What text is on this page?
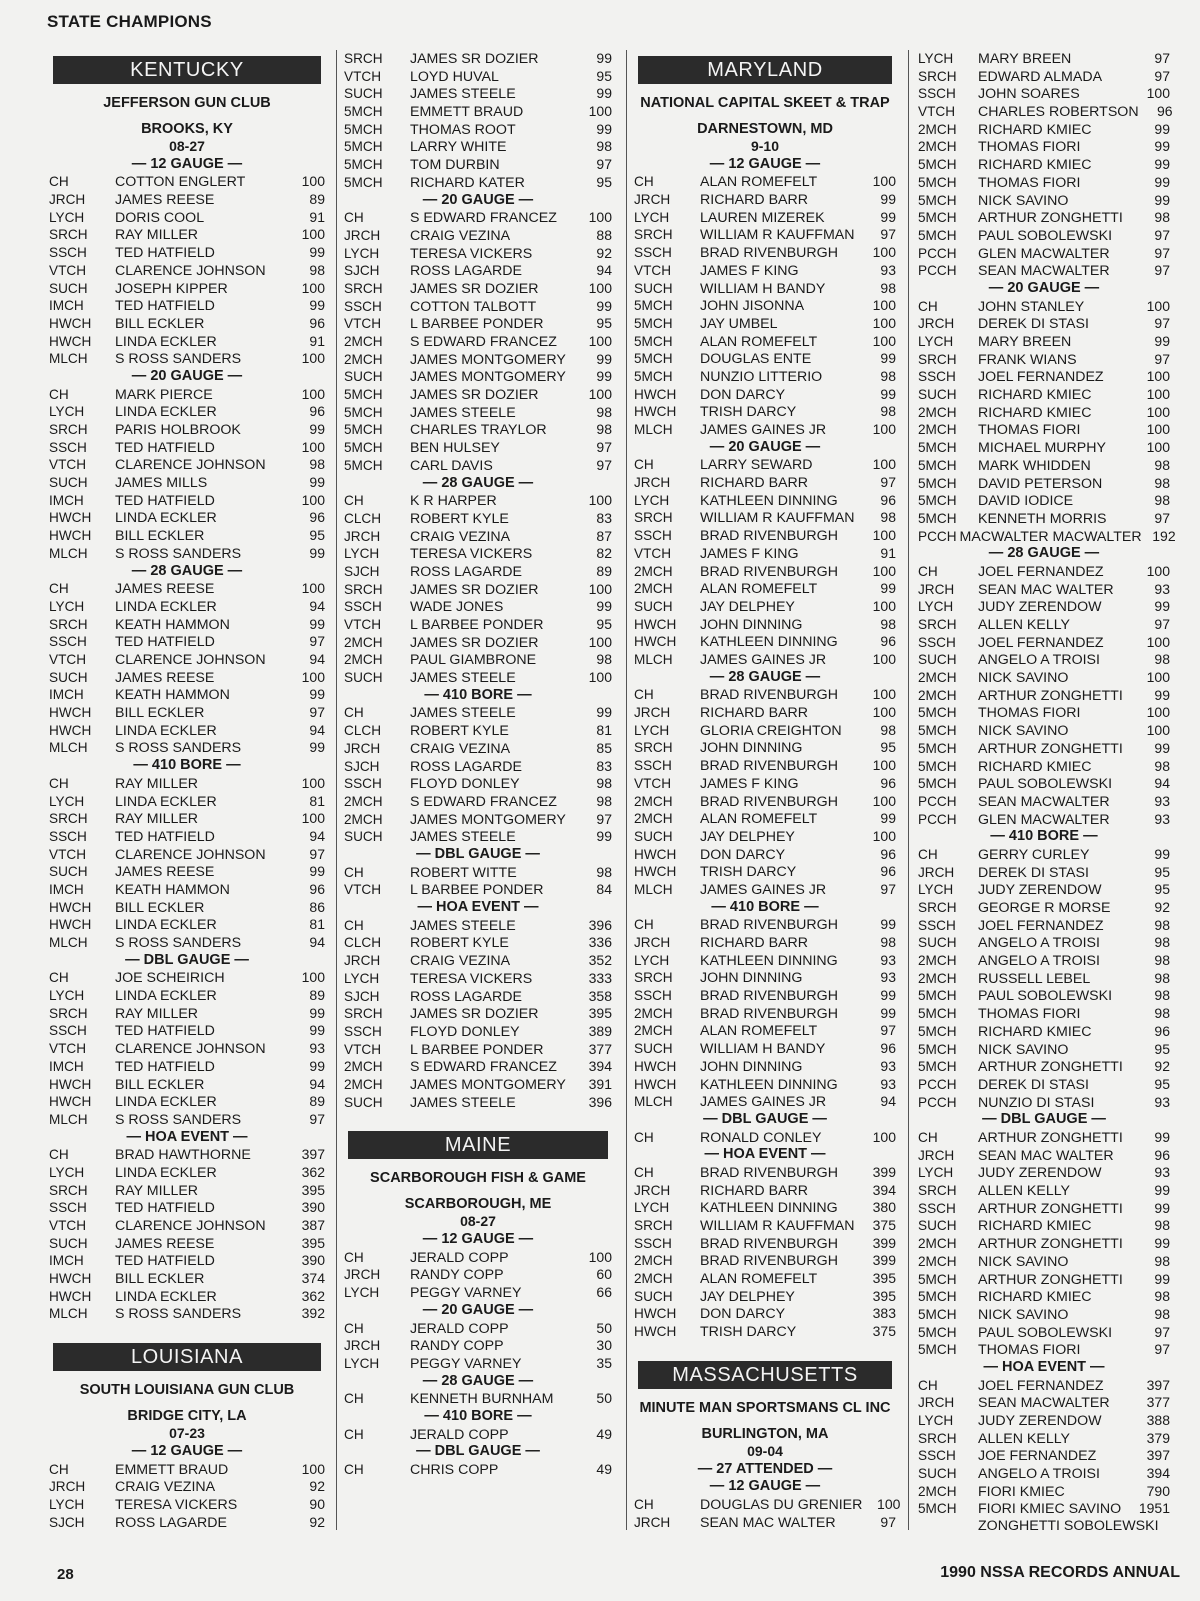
STATE CHAMPIONS
KENTUCKY
JEFFERSON GUN CLUB
BROOKS, KY
08-27
— 12 GAUGE —
CH	COTTON ENGLERT	100
JRCH	JAMES REESE	89
LYCH	DORIS COOL	91
SRCH	RAY MILLER	100
SSCH	TED HATFIELD	99
VTCH	CLARENCE JOHNSON	98
SUCH	JOSEPH KIPPER	100
IMCH	TED HATFIELD	99
HWCH	BILL ECKLER	96
HWCH	LINDA ECKLER	91
MLCH	S ROSS SANDERS	100
— 20 GAUGE —
CH	MARK PIERCE	100
LYCH	LINDA ECKLER	96
SRCH	PARIS HOLBROOK	99
SSCH	TED HATFIELD	100
VTCH	CLARENCE JOHNSON	98
SUCH	JAMES MILLS	99
IMCH	TED HATFIELD	100
HWCH	LINDA ECKLER	96
HWCH	BILL ECKLER	95
MLCH	S ROSS SANDERS	99
— 28 GAUGE —
CH	JAMES REESE	100
LYCH	LINDA ECKLER	94
SRCH	KEATH HAMMON	99
SSCH	TED HATFIELD	97
VTCH	CLARENCE JOHNSON	94
SUCH	JAMES REESE	100
IMCH	KEATH HAMMON	99
HWCH	BILL ECKLER	97
HWCH	LINDA ECKLER	94
MLCH	S ROSS SANDERS	99
— 410 BORE —
CH	RAY MILLER	100
LYCH	LINDA ECKLER	81
SRCH	RAY MILLER	100
SSCH	TED HATFIELD	94
VTCH	CLARENCE JOHNSON	97
SUCH	JAMES REESE	99
IMCH	KEATH HAMMON	96
HWCH	BILL ECKLER	86
HWCH	LINDA ECKLER	81
MLCH	S ROSS SANDERS	94
— DBL GAUGE —
CH	JOE SCHEIRICH	100
LYCH	LINDA ECKLER	89
SRCH	RAY MILLER	99
SSCH	TED HATFIELD	99
VTCH	CLARENCE JOHNSON	93
IMCH	TED HATFIELD	99
HWCH	BILL ECKLER	94
HWCH	LINDA ECKLER	89
MLCH	S ROSS SANDERS	97
— HOA EVENT —
CH	BRAD HAWTHORNE	397
LYCH	LINDA ECKLER	362
SRCH	RAY MILLER	395
SSCH	TED HATFIELD	390
VTCH	CLARENCE JOHNSON	387
SUCH	JAMES REESE	395
IMCH	TED HATFIELD	390
HWCH	BILL ECKLER	374
HWCH	LINDA ECKLER	362
MLCH	S ROSS SANDERS	392
LOUISIANA
SOUTH LOUISIANA GUN CLUB
BRIDGE CITY, LA
07-23
— 12 GAUGE —
CH	EMMETT BRAUD	100
JRCH	CRAIG VEZINA	92
LYCH	TERESA VICKERS	90
SJCH	ROSS LAGARDE	92
SRCH	JAMES SR DOZIER	99
VTCH	LOYD HUVAL	95
SUCH	JAMES STEELE	99
5MCH	EMMETT BRAUD	100
5MCH	THOMAS ROOT	99
5MCH	LARRY WHITE	98
5MCH	TOM DURBIN	97
5MCH	RICHARD KATER	95
— 20 GAUGE —
CH	S EDWARD FRANCEZ	100
JRCH	CRAIG VEZINA	88
LYCH	TERESA VICKERS	92
SJCH	ROSS LAGARDE	94
SRCH	JAMES SR DOZIER	100
SSCH	COTTON TALBOTT	99
VTCH	L BARBEE PONDER	95
2MCH	S EDWARD FRANCEZ	100
2MCH	JAMES MONTGOMERY	99
SUCH	JAMES MONTGOMERY	99
5MCH	JAMES SR DOZIER	100
5MCH	JAMES STEELE	98
5MCH	CHARLES TRAYLOR	98
5MCH	BEN HULSEY	97
5MCH	CARL DAVIS	97
— 28 GAUGE —
CH	K R HARPER	100
CLCH	ROBERT KYLE	83
JRCH	CRAIG VEZINA	87
LYCH	TERESA VICKERS	82
SJCH	ROSS LAGARDE	89
SRCH	JAMES SR DOZIER	100
SSCH	WADE JONES	99
VTCH	L BARBEE PONDER	95
2MCH	JAMES SR DOZIER	100
2MCH	PAUL GIAMBRONE	98
SUCH	JAMES STEELE	100
— 410 BORE —
CH	JAMES STEELE	99
CLCH	ROBERT KYLE	81
JRCH	CRAIG VEZINA	85
SJCH	ROSS LAGARDE	83
SSCH	FLOYD DONLEY	98
2MCH	S EDWARD FRANCEZ	98
2MCH	JAMES MONTGOMERY	97
SUCH	JAMES STEELE	99
— DBL GAUGE —
CH	ROBERT WITTE	98
VTCH	L BARBEE PONDER	84
— HOA EVENT —
CH	JAMES STEELE	396
CLCH	ROBERT KYLE	336
JRCH	CRAIG VEZINA	352
LYCH	TERESA VICKERS	333
SJCH	ROSS LAGARDE	358
SRCH	JAMES SR DOZIER	395
SSCH	FLOYD DONLEY	389
VTCH	L BARBEE PONDER	377
2MCH	S EDWARD FRANCEZ	394
2MCH	JAMES MONTGOMERY	391
SUCH	JAMES STEELE	396
MAINE
SCARBOROUGH FISH & GAME
SCARBOROUGH, ME
08-27
— 12 GAUGE —
CH	JERALD COPP	100
JRCH	RANDY COPP	60
LYCH	PEGGY VARNEY	66
— 20 GAUGE —
CH	JERALD COPP	50
JRCH	RANDY COPP	30
LYCH	PEGGY VARNEY	35
— 28 GAUGE —
CH	KENNETH BURNHAM	50
— 410 BORE —
CH	JERALD COPP	49
— DBL GAUGE —
CH	CHRIS COPP	49
MARYLAND
NATIONAL CAPITAL SKEET & TRAP
DARNESTOWN, MD
9-10
— 12 GAUGE —
CH	ALAN ROMEFELT	100
JRCH	RICHARD BARR	99
LYCH	LAUREN MIZEREK	99
SRCH	WILLIAM R KAUFFMAN	97
SSCH	BRAD RIVENBURGH	100
VTCH	JAMES F KING	93
SUCH	WILLIAM H BANDY	98
5MCH	JOHN JISONNA	100
5MCH	JAY UMBEL	100
5MCH	ALAN ROMEFELT	100
5MCH	DOUGLAS ENTE	99
5MCH	NUNZIO LITTERIO	98
HWCH	DON DARCY	99
HWCH	TRISH DARCY	98
MLCH	JAMES GAINES JR	100
— 20 GAUGE —
CH	LARRY SEWARD	100
JRCH	RICHARD BARR	97
LYCH	KATHLEEN DINNING	96
SRCH	WILLIAM R KAUFFMAN	98
SSCH	BRAD RIVENBURGH	100
VTCH	JAMES F KING	91
2MCH	BRAD RIVENBURGH	100
2MCH	ALAN ROMEFELT	99
SUCH	JAY DELPHEY	100
HWCH	JOHN DINNING	98
HWCH	KATHLEEN DINNING	96
MLCH	JAMES GAINES JR	100
— 28 GAUGE —
CH	BRAD RIVENBURGH	100
JRCH	RICHARD BARR	100
LYCH	GLORIA CREIGHTON	98
SRCH	JOHN DINNING	95
SSCH	BRAD RIVENBURGH	100
VTCH	JAMES F KING	96
2MCH	BRAD RIVENBURGH	100
2MCH	ALAN ROMEFELT	99
SUCH	JAY DELPHEY	100
HWCH	DON DARCY	96
HWCH	TRISH DARCY	96
MLCH	JAMES GAINES JR	97
— 410 BORE —
CH	BRAD RIVENBURGH	99
JRCH	RICHARD BARR	98
LYCH	KATHLEEN DINNING	93
SRCH	JOHN DINNING	93
SSCH	BRAD RIVENBURGH	99
2MCH	BRAD RIVENBURGH	99
2MCH	ALAN ROMEFELT	97
SUCH	WILLIAM H BANDY	96
HWCH	JOHN DINNING	93
HWCH	KATHLEEN DINNING	93
MLCH	JAMES GAINES JR	94
— DBL GAUGE —
CH	RONALD CONLEY	100
— HOA EVENT —
CH	BRAD RIVENBURGH	399
JRCH	RICHARD BARR	394
LYCH	KATHLEEN DINNING	380
SRCH	WILLIAM R KAUFFMAN	375
SSCH	BRAD RIVENBURGH	399
2MCH	BRAD RIVENBURGH	399
2MCH	ALAN ROMEFELT	395
SUCH	JAY DELPHEY	395
HWCH	DON DARCY	383
HWCH	TRISH DARCY	375
MASSACHUSETTS
MINUTE MAN SPORTSMANS CL INC
BURLINGTON, MA
09-04
— 27 ATTENDED —
— 12 GAUGE —
CH	DOUGLAS DU GRENIER	100
JRCH	SEAN MAC WALTER	97
LYCH	MARY BREEN	97
SRCH	EDWARD ALMADA	97
SSCH	JOHN SOARES	100
VTCH	CHARLES ROBERTSON	96
2MCH	RICHARD KMIEC	99
2MCH	THOMAS FIORI	99
5MCH	RICHARD KMIEC	99
5MCH	THOMAS FIORI	99
5MCH	NICK SAVINO	99
5MCH	ARTHUR ZONGHETTI	98
5MCH	PAUL SOBOLEWSKI	97
PCCH	GLEN MACWALTER	97
PCCH	SEAN MACWALTER	97
— 20 GAUGE —
CH	JOHN STANLEY	100
JRCH	DEREK DI STASI	97
LYCH	MARY BREEN	99
SRCH	FRANK WIANS	97
SSCH	JOEL FERNANDEZ	100
SUCH	RICHARD KMIEC	100
2MCH	RICHARD KMIEC	100
2MCH	THOMAS FIORI	100
5MCH	MICHAEL MURPHY	100
5MCH	MARK WHIDDEN	98
5MCH	DAVID PETERSON	98
5MCH	DAVID IODICE	98
5MCH	KENNETH MORRIS	97
PCCH MACWALTER MACWALTER 192
— 28 GAUGE —
CH	JOEL FERNANDEZ	100
JRCH	SEAN MAC WALTER	93
LYCH	JUDY ZERENDOW	99
SRCH	ALLEN KELLY	97
SSCH	JOEL FERNANDEZ	100
SUCH	ANGELO A TROISI	98
2MCH	NICK SAVINO	100
2MCH	ARTHUR ZONGHETTI	99
5MCH	THOMAS FIORI	100
5MCH	NICK SAVINO	100
5MCH	ARTHUR ZONGHETTI	99
5MCH	RICHARD KMIEC	98
5MCH	PAUL SOBOLEWSKI	94
PCCH	SEAN MACWALTER	93
PCCH	GLEN MACWALTER	93
— 410 BORE —
CH	GERRY CURLEY	99
JRCH	DEREK DI STASI	95
LYCH	JUDY ZERENDOW	95
SRCH	GEORGE R MORSE	92
SSCH	JOEL FERNANDEZ	98
SUCH	ANGELO A TROISI	98
2MCH	ANGELO A TROISI	98
2MCH	RUSSELL LEBEL	98
5MCH	PAUL SOBOLEWSKI	98
5MCH	THOMAS FIORI	98
5MCH	RICHARD KMIEC	96
5MCH	NICK SAVINO	95
5MCH	ARTHUR ZONGHETTI	92
PCCH	DEREK DI STASI	95
PCCH	NUNZIO DI STASI	93
— DBL GAUGE —
CH	ARTHUR ZONGHETTI	99
JRCH	SEAN MAC WALTER	96
LYCH	JUDY ZERENDOW	93
SRCH	ALLEN KELLY	99
SSCH	ARTHUR ZONGHETTI	99
SUCH	RICHARD KMIEC	98
2MCH	ARTHUR ZONGHETTI	99
2MCH	NICK SAVINO	98
5MCH	ARTHUR ZONGHETTI	99
5MCH	RICHARD KMIEC	98
5MCH	NICK SAVINO	98
5MCH	PAUL SOBOLEWSKI	97
5MCH	THOMAS FIORI	97
— HOA EVENT —
CH	JOEL FERNANDEZ	397
JRCH	SEAN MACWALTER	377
LYCH	JUDY ZERENDOW	388
SRCH	ALLEN KELLY	379
SSCH	JOE FERNANDEZ	397
SUCH	ANGELO A TROISI	394
2MCH	FIORI KMIEC	790
5MCH	FIORI KMIEC SAVINO	1951
ZONGHETTI SOBOLEWSKI
28	1990 NSSA RECORDS ANNUAL
